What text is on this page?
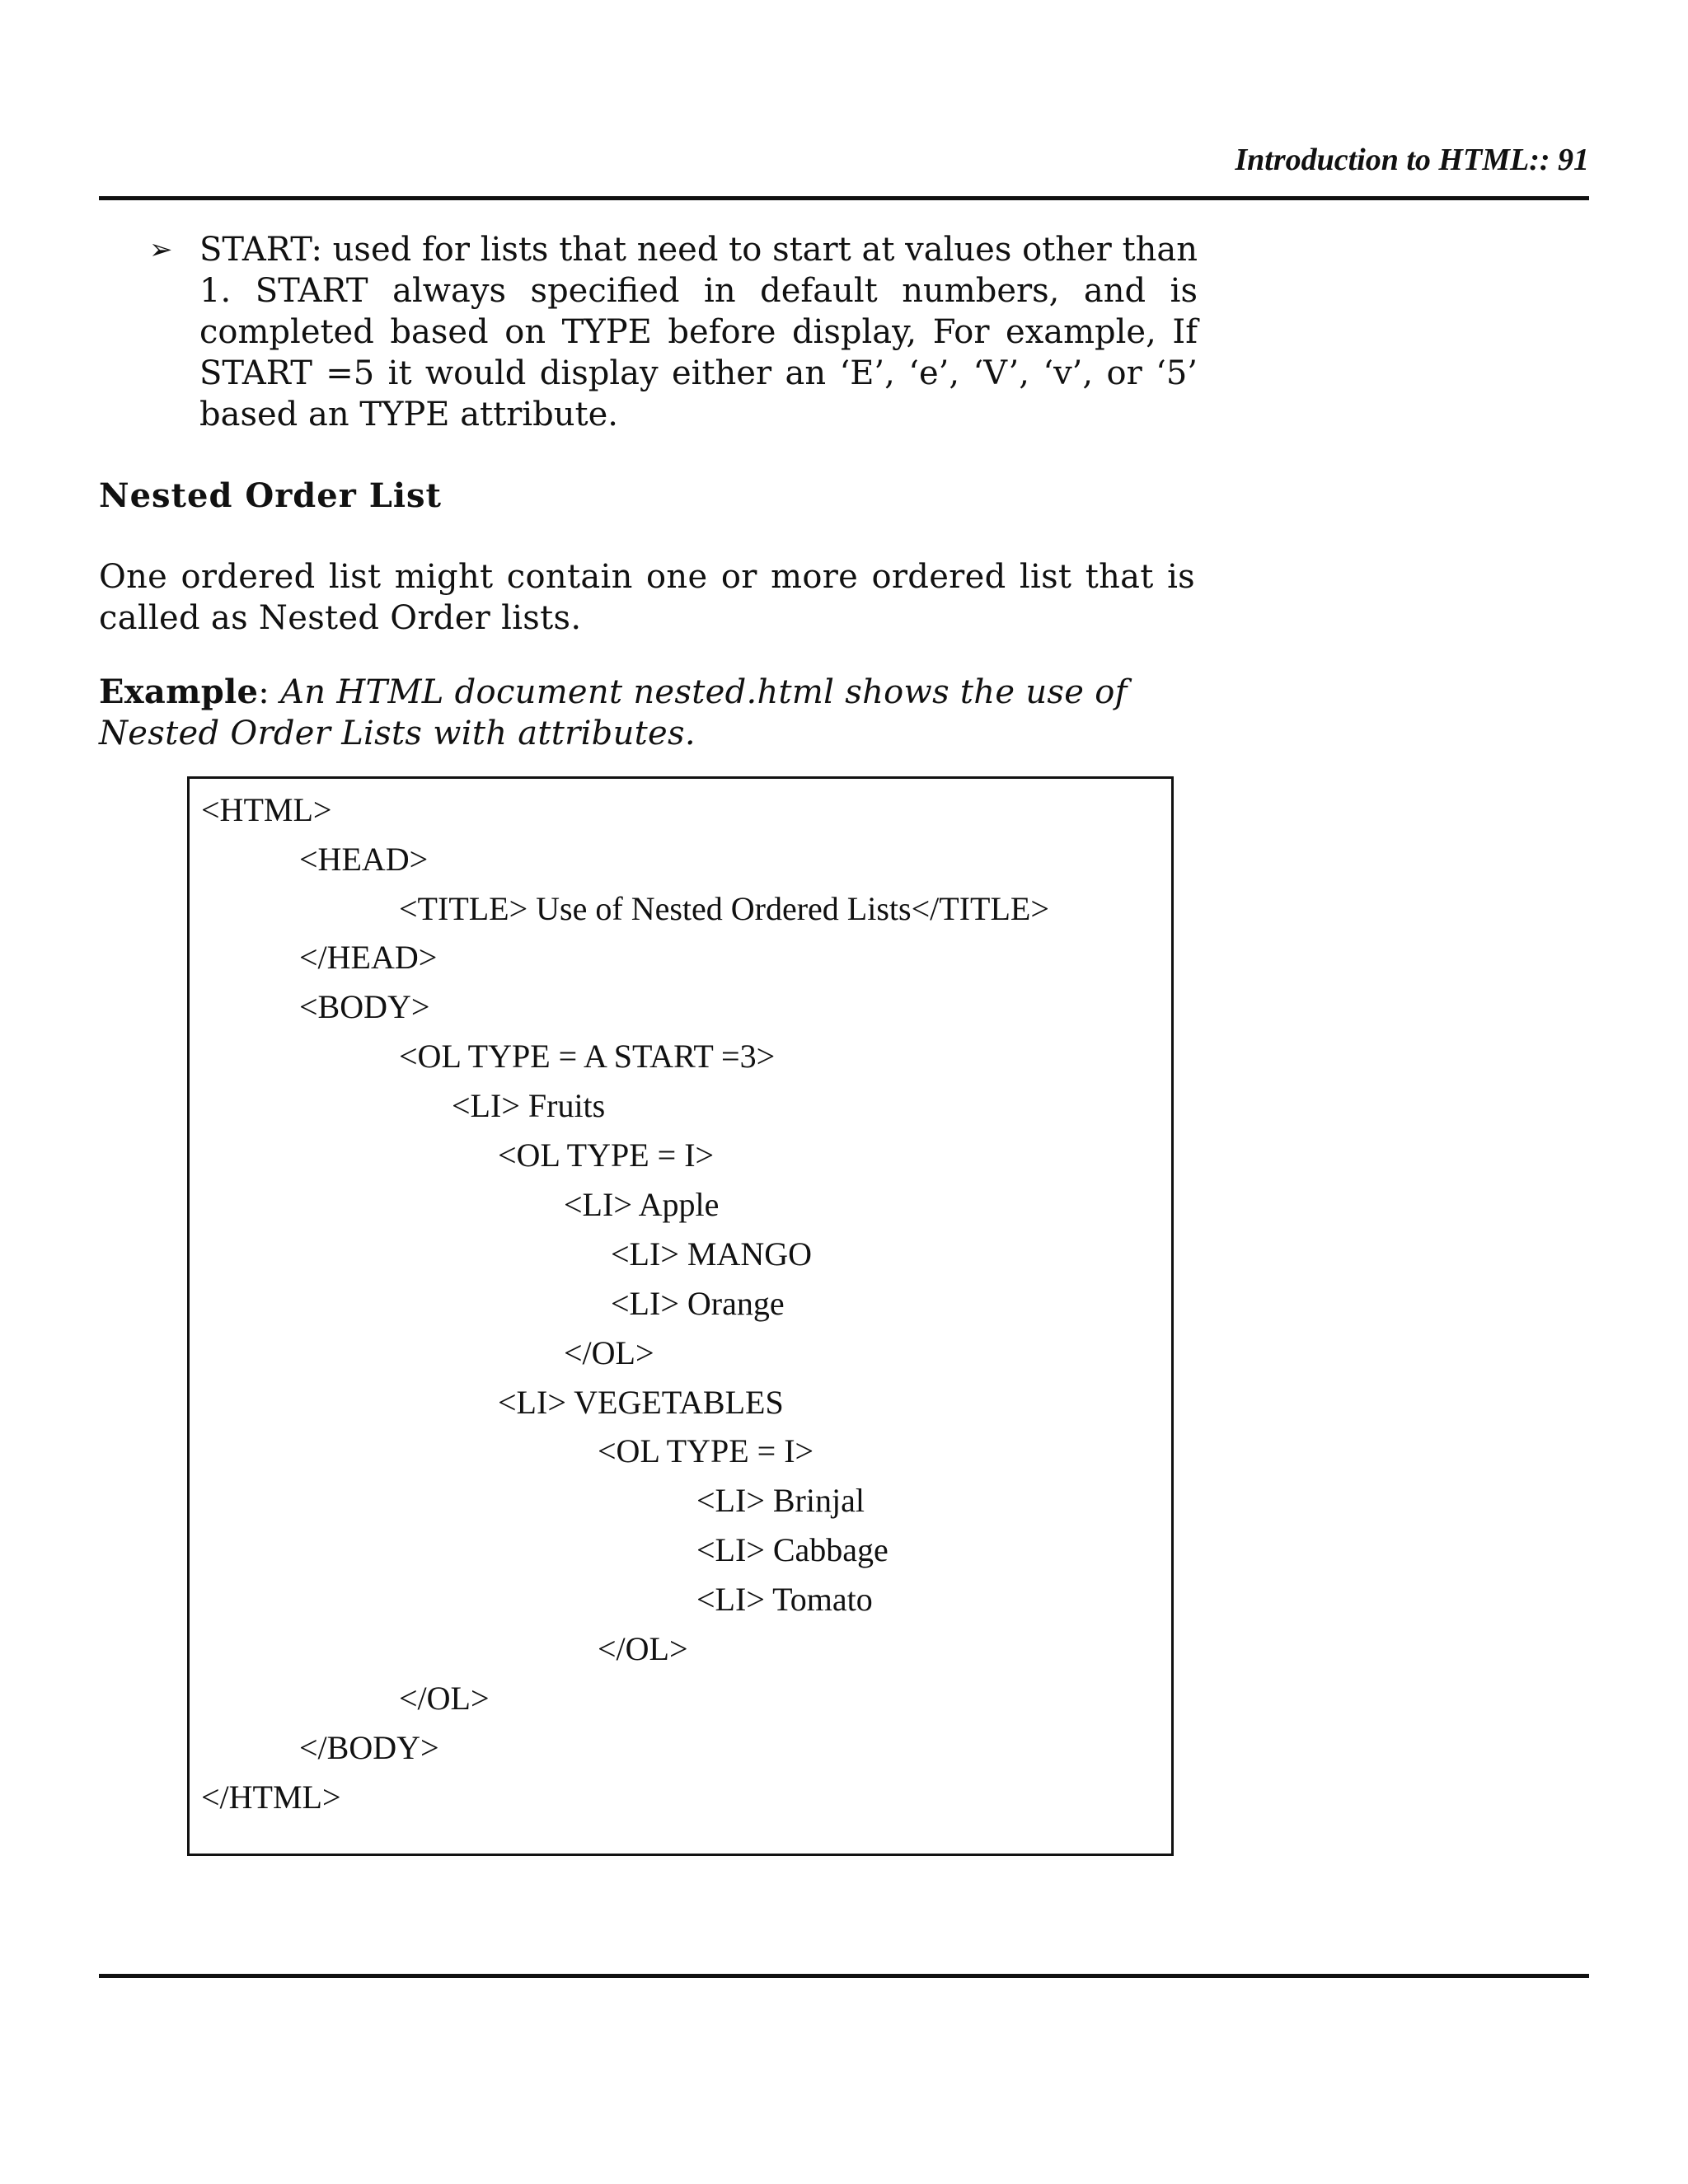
Introduction to HTML:: 91
➢ START: used for lists that need to start at values other than 1. START always specified in default numbers, and is completed based on TYPE before display, For example, If START =5 it would display either an ‘E’, ‘e’, ‘V’, ‘v’, or ‘5’ based an TYPE attribute.
Nested Order List
One ordered list might contain one or more ordered list that is called as Nested Order lists.
Example: An HTML document nested.html shows the use of Nested Order Lists with attributes.
<HTML>
<HEAD>
<TITLE> Use of Nested Ordered Lists</TITLE>
</HEAD>
<BODY>
<OL TYPE = A START =3>
<LI> Fruits
<OL TYPE = I>
<LI> Apple
<LI> MANGO
<LI> Orange
</OL>
<LI> VEGETABLES
<OL TYPE = I>
<LI> Brinjal
<LI> Cabbage
<LI> Tomato
</OL>
</OL>
</BODY>
</HTML>
